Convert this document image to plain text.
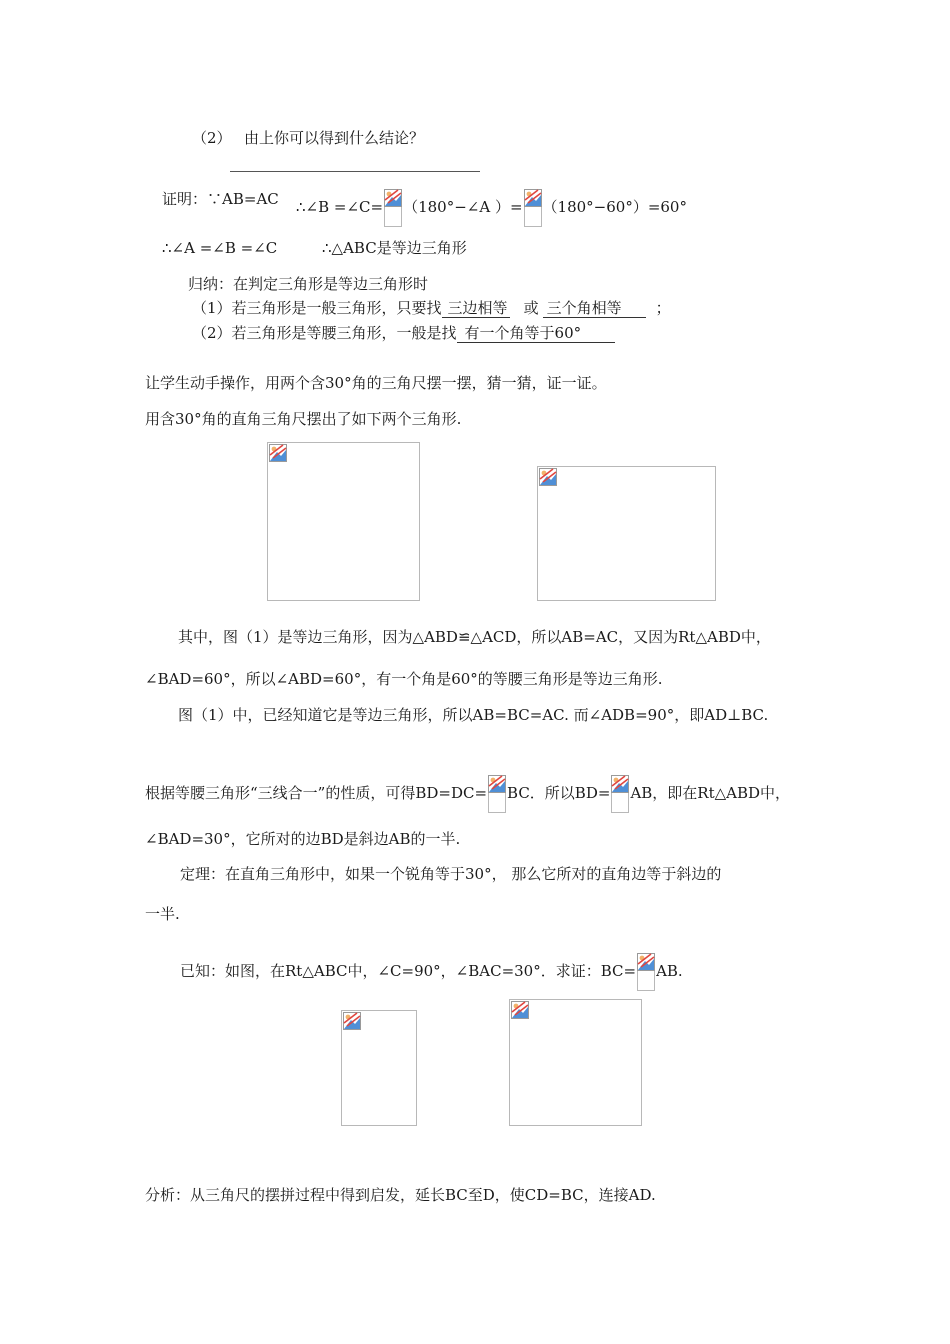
（2） 由上你可以得到什么结论？
证明：∵AB=AC ∴∠B =∠C= （180°−∠A ）= （180°−60°）=60°
∴∠A =∠B =∠C	∴△ABC是等边三角形
归纳：在判定三角形是等边三角形时
（1）若三角形是一般三角形，只要找 三边相等 或 三个角相等 ；
（2）若三角形是等腰三角形，一般是找 有一个角等于60°
让学生动手操作，用两个含30°角的三角尺摆一摆，猜一猜，证一证。
用含30°角的直角三角尺摆出了如下两个三角形.
其中，图（1）是等边三角形，因为△ABD≌△ACD，所以AB=AC，又因为Rt△ABD中，
∠BAD=60°，所以∠ABD=60°，有一个角是60°的等腰三角形是等边三角形.
图（1）中，已经知道它是等边三角形，所以AB=BC=AC. 而∠ADB=90°，即AD⊥BC.
根据等腰三角形“三线合一”的性质，可得BD=DC= BC．所以BD= AB，即在Rt△ABD中，
∠BAD=30°，它所对的边BD是斜边AB的一半.
定理：在直角三角形中，如果一个锐角等于30°， 那么它所对的直角边等于斜边的
一半.
已知：如图，在Rt△ABC中，∠C=90°，∠BAC=30°．求证：BC= AB.
分析：从三角尺的摆拼过程中得到启发，延长BC至D，使CD=BC，连接AD.
